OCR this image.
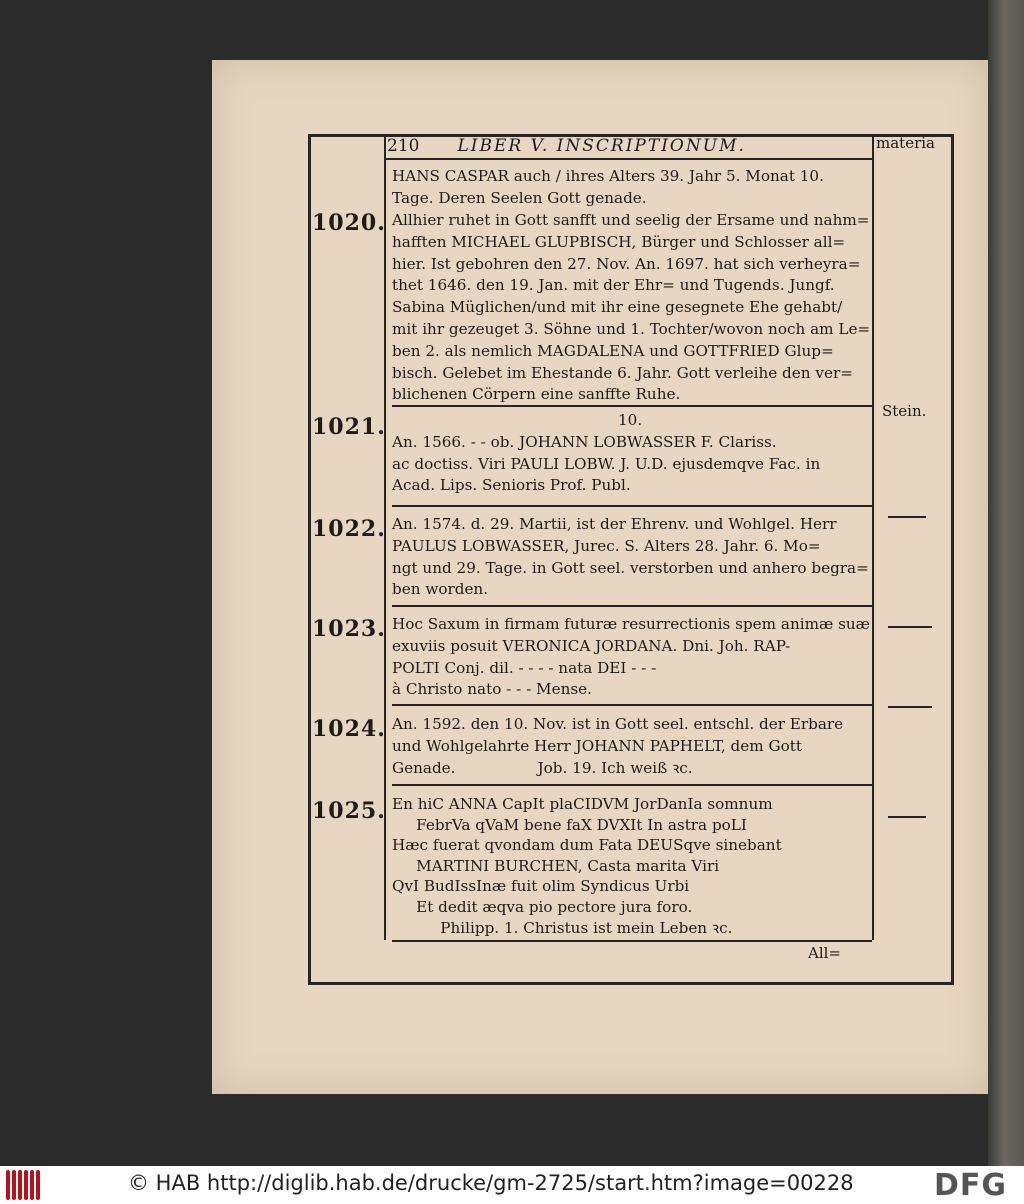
210 LIBER V. INSCRIPTIONUM.	materia
HANS CASPAR auch / ihres Alters 39. Jahr 5. Monat 10.
Tage. Deren Seelen Gott genade.
1020. Allhier ruhet in Gott sanfft und seelig der Ersame und nahm=
hafften MICHAEL GLUPBISCH, Bürger und Schlosser all=
hier. Ist gebohren den 27. Nov. An. 1697. hat sich verheyra=
thet 1646. den 19. Jan. mit der Ehr= und Tugends. Jungf.
Sabina Müglichen/und mit ihr eine gesegnete Ehe gehabt/
mit ihr gezeuget 3. Söhne und 1. Tochter/wovon noch am Le=
ben 2. als nemlich MAGDALENA und GOTTFRIED Glup=
bisch. Gelebet im Ehestande 6. Jahr. Gott verleihe den ver=
blichenen Cörpern eine sanffte Ruhe.
1021.
Stein.
10.
An. 1566. - - ob. JOHANN LOBWASSER F. Clariss.
ac doctiss. Viri PAULI LOBW. J. U.D. ejusdemqve Fac. in
Acad. Lips. Senioris Prof. Publ.
1022. An. 1574. d. 29. Martii, ist der Ehrenv. und Wohlgel. Herr
PAULUS LOBWASSER, Jurec. S. Alters 28. Jahr. 6. Mo=
ngt und 29. Tage. in Gott seel. verstorben und anhero begra=
ben worden.
1023. Hoc Saxum in firmam futuræ resurrectionis spem animæ suæ
exuviis posuit VERONICA JORDANA. Dni. Joh. RAP-
POLTI Conj. dil. - - - - nata DEI - - -
à Christo nato - - - Mense.
1024. An. 1592. den 10. Nov. ist in Gott seel. entschl. der Erbare
und Wohlgelahrte Herr JOHANN PAPHELT, dem Gott
Genade.                 Job. 19. Ich weiß ꝛc.
1025. En hiC ANNA CapIt plaCIDVM JorDanIa somnum
FebrVa qVaM bene faX DVXIt In astra poLI
Hæc fuerat qvondam dum Fata DEUSqve sinebant
MARTINI BURCHEN, Casta marita Viri
QvI BudIssInæ fuit olim Syndicus Urbi
Et dedit æqva pio pectore jura foro.
Philipp. 1. Christus ist mein Leben ꝛc.
All=
© HAB http://diglib.hab.de/drucke/gm-2725/start.htm?image=00228	DFG
